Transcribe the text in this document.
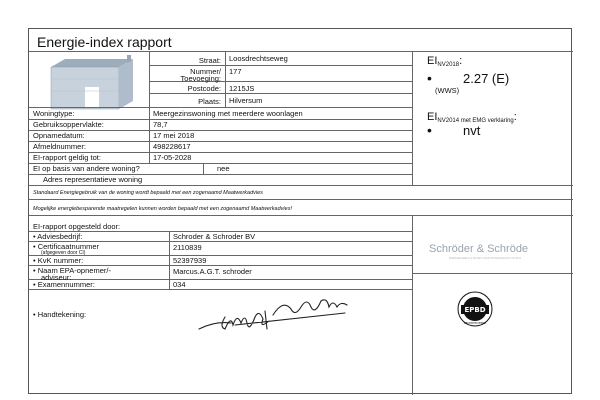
Energie-index rapport
Straat: Loosdrechtseweg
Nummer/
Toevoeging:
177
Postcode: 1215JS
Plaats: Hilversum
$EI_{NV2018}$:
• 2.27 (E)
(WWS)
$EI_{NV2014 met EMG verklaring}$:
• nvt
Woningtype:	Meergezinswoning met meerdere woonlagen
Gebruiksoppervlakte:	78,7
Opnamedatum:	17 mei 2018
Afmeldnummer:	498228617
EI-rapport geldig tot:	17-05-2028
EI op basis van andere woning?	nee
Adres representatieve woning
Standaard Energiegebruik van de woning wordt bepaald met een zogenaamd Maatwerkadvies
Mogelijke energiebesparende maatregelen kunnen worden bepaald met een zogenaamd Maatwerkadvies!
EI-rapport opgesteld door:
• Adviesbedrijf:	Schroder & Schroder BV
• Certificaatnummer
(afgegeven door CI)
2110839
• KvK nummer:	52397939
• Naam EPA-opnemer/-
adviseur:
Marcus.A.G.T. schroder
• Examennummer:	034
• Handtekening:
Schröder & Schröde
ENERGIELABELS & ADVIES VOOR WONINGEN EN UTILITEIT
EPBD
GECERTIFICEERD
